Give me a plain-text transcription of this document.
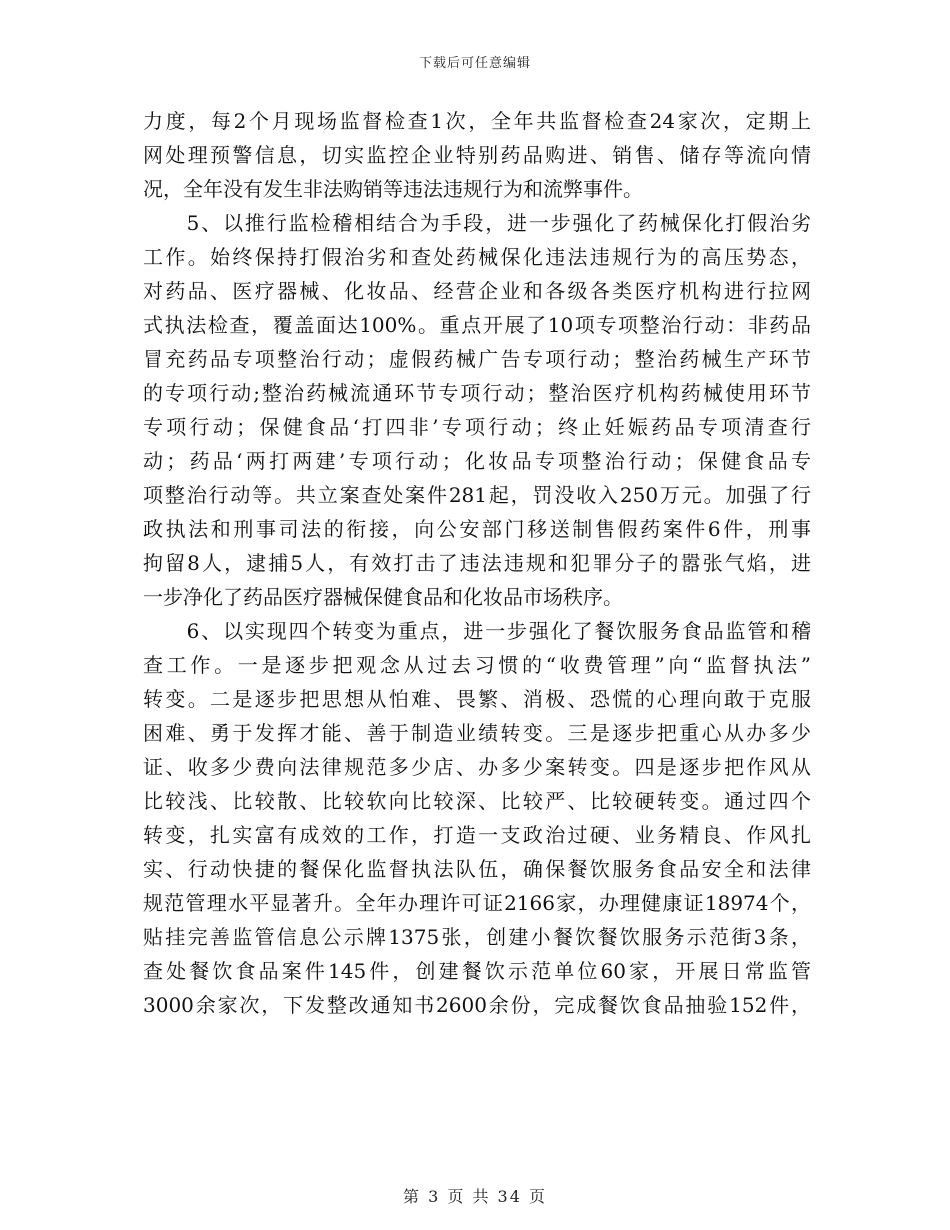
下载后可任意编辑
力度，每2个月现场监督检查1次，全年共监督检查24家次，定期上
网处理预警信息，切实监控企业特别药品购进、销售、储存等流向情
况，全年没有发生非法购销等违法违规行为和流弊事件。
　　5、以推行监检稽相结合为手段，进一步强化了药械保化打假治劣
工作。始终保持打假治劣和查处药械保化违法违规行为的高压势态，
对药品、医疗器械、化妆品、经营企业和各级各类医疗机构进行拉网
式执法检查，覆盖面达100%。重点开展了10项专项整治行动：非药品
冒充药品专项整治行动；虚假药械广告专项行动；整治药械生产环节
的专项行动;整治药械流通环节专项行动；整治医疗机构药械使用环节
专项行动；保健食品‘打四非’专项行动；终止妊娠药品专项清查行
动；药品‘两打两建’专项行动；化妆品专项整治行动；保健食品专
项整治行动等。共立案查处案件281起，罚没收入250万元。加强了行
政执法和刑事司法的衔接，向公安部门移送制售假药案件6件，刑事
拘留8人，逮捕5人，有效打击了违法违规和犯罪分子的嚣张气焰，进
一步净化了药品医疗器械保健食品和化妆品市场秩序。
　　6、以实现四个转变为重点，进一步强化了餐饮服务食品监管和稽
查工作。一是逐步把观念从过去习惯的“收费管理”向“监督执法”
转变。二是逐步把思想从怕难、畏繁、消极、恐慌的心理向敢于克服
困难、勇于发挥才能、善于制造业绩转变。三是逐步把重心从办多少
证、收多少费向法律规范多少店、办多少案转变。四是逐步把作风从
比较浅、比较散、比较软向比较深、比较严、比较硬转变。通过四个
转变，扎实富有成效的工作，打造一支政治过硬、业务精良、作风扎
实、行动快捷的餐保化监督执法队伍，确保餐饮服务食品安全和法律
规范管理水平显著升。全年办理许可证2166家，办理健康证18974个，
贴挂完善监管信息公示牌1375张，创建小餐饮餐饮服务示范街3条，
查处餐饮食品案件145件，创建餐饮示范单位60家，开展日常监管
3000余家次，下发整改通知书2600余份，完成餐饮食品抽验152件，
第 3 页 共 34 页
